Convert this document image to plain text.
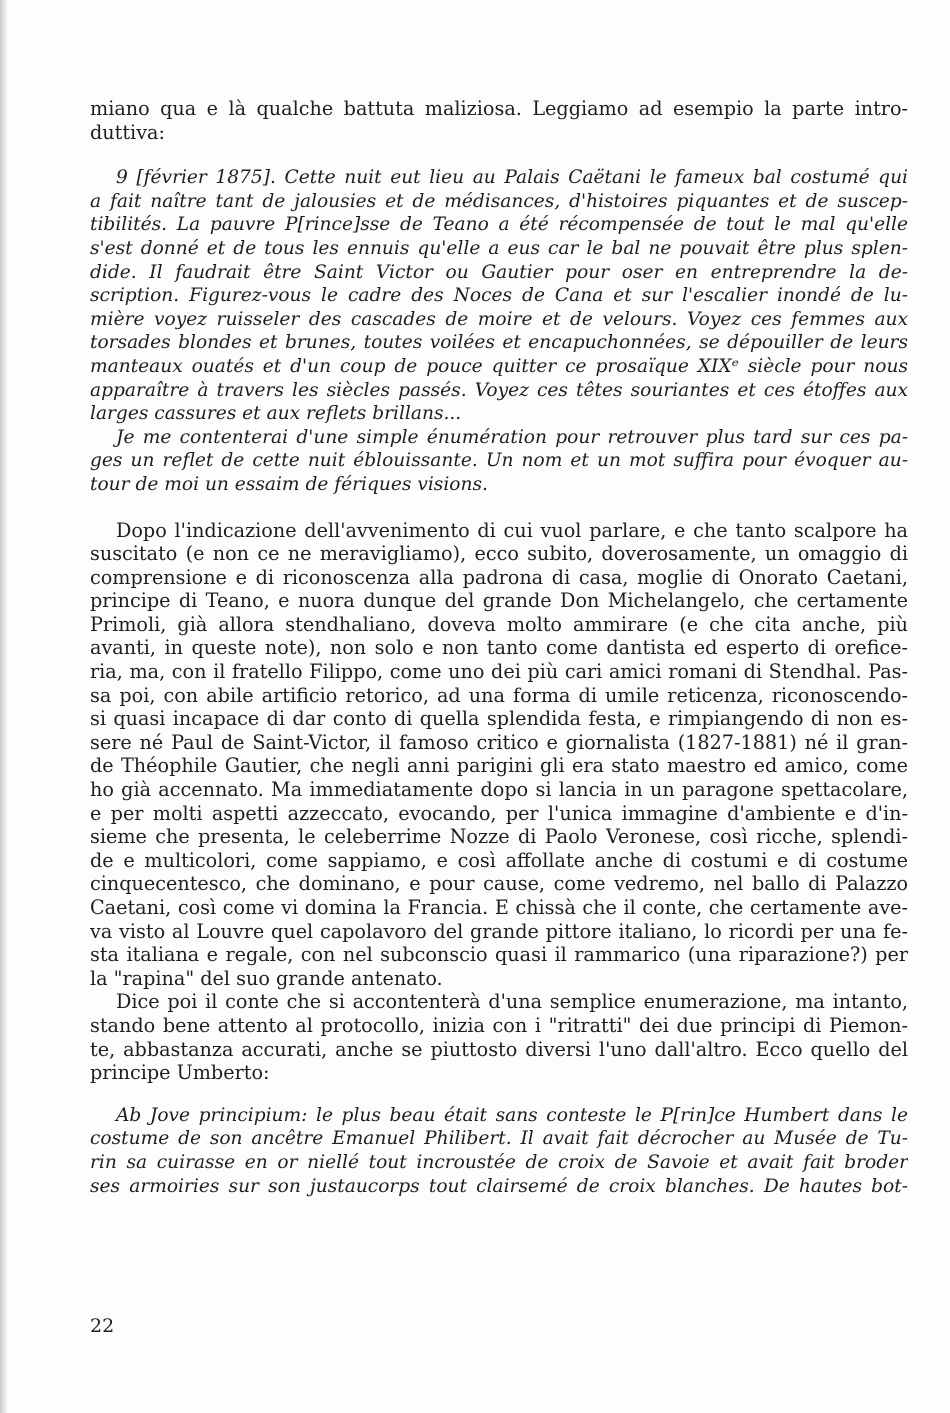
miano qua e là qualche battuta maliziosa. Leggiamo ad esempio la parte intro-
duttiva:
9 [février 1875]. Cette nuit eut lieu au Palais Caëtani le fameux bal costumé qui
a fait naître tant de jalousies et de médisances, d'histoires piquantes et de suscep-
tibilités. La pauvre P[rince]sse de Teano a été récompensée de tout le mal qu'elle
s'est donné et de tous les ennuis qu'elle a eus car le bal ne pouvait être plus splen-
dide. Il faudrait être Saint Victor ou Gautier pour oser en entreprendre la de-
scription. Figurez-vous le cadre des Noces de Cana et sur l'escalier inondé de lu-
mière voyez ruisseler des cascades de moire et de velours. Voyez ces femmes aux
torsades blondes et brunes, toutes voilées et encapuchonnées, se dépouiller de leurs
manteaux ouatés et d'un coup de pouce quitter ce prosaïque XIXᵉ siècle pour nous
apparaître à travers les siècles passés. Voyez ces têtes souriantes et ces étoffes aux
larges cassures et aux reflets brillans...
Je me contenterai d'une simple énumération pour retrouver plus tard sur ces pa-
ges un reflet de cette nuit éblouissante. Un nom et un mot suffira pour évoquer au-
tour de moi un essaim de fériques visions.
Dopo l'indicazione dell'avvenimento di cui vuol parlare, e che tanto scalpore ha
suscitato (e non ce ne meravigliamo), ecco subito, doverosamente, un omaggio di
comprensione e di riconoscenza alla padrona di casa, moglie di Onorato Caetani,
principe di Teano, e nuora dunque del grande Don Michelangelo, che certamente
Primoli, già allora stendhaliano, doveva molto ammirare (e che cita anche, più
avanti, in queste note), non solo e non tanto come dantista ed esperto di orefice-
ria, ma, con il fratello Filippo, come uno dei più cari amici romani di Stendhal. Pas-
sa poi, con abile artificio retorico, ad una forma di umile reticenza, riconoscendo-
si quasi incapace di dar conto di quella splendida festa, e rimpiangendo di non es-
sere né Paul de Saint-Victor, il famoso critico e giornalista (1827-1881) né il gran-
de Théophile Gautier, che negli anni parigini gli era stato maestro ed amico, come
ho già accennato. Ma immediatamente dopo si lancia in un paragone spettacolare,
e per molti aspetti azzeccato, evocando, per l'unica immagine d'ambiente e d'in-
sieme che presenta, le celeberrime Nozze di Paolo Veronese, così ricche, splendi-
de e multicolori, come sappiamo, e così affollate anche di costumi e di costume
cinquecentesco, che dominano, e pour cause, come vedremo, nel ballo di Palazzo
Caetani, così come vi domina la Francia. E chissà che il conte, che certamente ave-
va visto al Louvre quel capolavoro del grande pittore italiano, lo ricordi per una fe-
sta italiana e regale, con nel subconscio quasi il rammarico (una riparazione?) per
la "rapina" del suo grande antenato.
Dice poi il conte che si accontenterà d'una semplice enumerazione, ma intanto,
stando bene attento al protocollo, inizia con i "ritratti" dei due principi di Piemon-
te, abbastanza accurati, anche se piuttosto diversi l'uno dall'altro. Ecco quello del
principe Umberto:
Ab Jove principium: le plus beau était sans conteste le P[rin]ce Humbert dans le
costume de son ancêtre Emanuel Philibert. Il avait fait décrocher au Musée de Tu-
rin sa cuirasse en or niellé tout incroustée de croix de Savoie et avait fait broder
ses armoiries sur son justaucorps tout clairsemé de croix blanches. De hautes bot-
22
